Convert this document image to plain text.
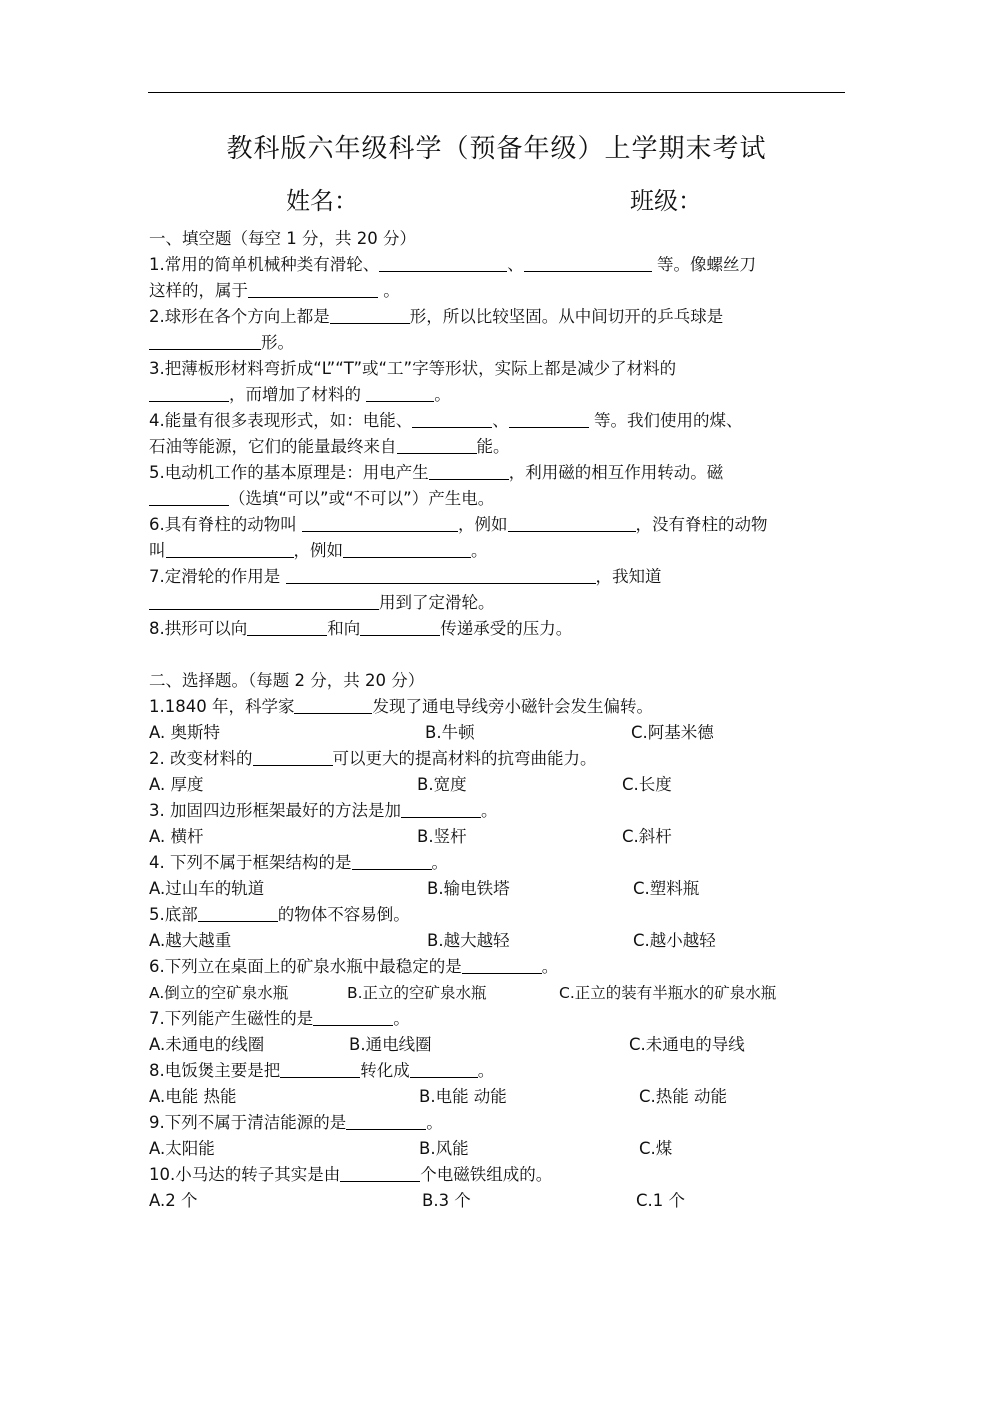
教科版六年级科学（预备年级）上学期末考试
姓名：	班级：
一、填空题（每空 1 分，共 20 分）
1.常用的简单机械种类有滑轮、	、	等。像螺丝刀
这样的，属于	。
2.球形在各个方向上都是	形，所以比较坚固。从中间切开的乒乓球是
形。
3.把薄板形材料弯折成“L”“T”或“工”字等形状，实际上都是减少了材料的
，而增加了材料的	。
4.能量有很多表现形式，如：电能、	、	等。我们使用的煤、
石油等能源，它们的能量最终来自	能。
5.电动机工作的基本原理是：用电产生	，利用磁的相互作用转动。磁
（选填“可以”或“不可以”）产生电。
6.具有脊柱的动物叫	，例如	，没有脊柱的动物
叫	，例如	。
7.定滑轮的作用是	，我知道
用到了定滑轮。
8.拱形可以向	和向	传递承受的压力。
二、选择题。（每题 2 分，共 20 分）
1.1840 年，科学家	发现了通电导线旁小磁针会发生偏转。
A. 奥斯特	B.牛顿	C.阿基米德
2. 改变材料的	可以更大的提高材料的抗弯曲能力。
A. 厚度	B.宽度	C.长度
3. 加固四边形框架最好的方法是加	。
A. 横杆	B.竖杆	C.斜杆
4. 下列不属于框架结构的是	。
A.过山车的轨道	B.输电铁塔	C.塑料瓶
5.底部	的物体不容易倒。
A.越大越重	B.越大越轻	C.越小越轻
6.下列立在桌面上的矿泉水瓶中最稳定的是	。
A.倒立的空矿泉水瓶	B.正立的空矿泉水瓶	C.正立的装有半瓶水的矿泉水瓶
7.下列能产生磁性的是	。
A.未通电的线圈	B.通电线圈	C.未通电的导线
8.电饭煲主要是把	转化成	。
A.电能 热能	B.电能 动能	C.热能 动能
9.下列不属于清洁能源的是	。
A.太阳能	B.风能	C.煤
10.小马达的转子其实是由	个电磁铁组成的。
A.2 个	B.3 个	C.1 个
